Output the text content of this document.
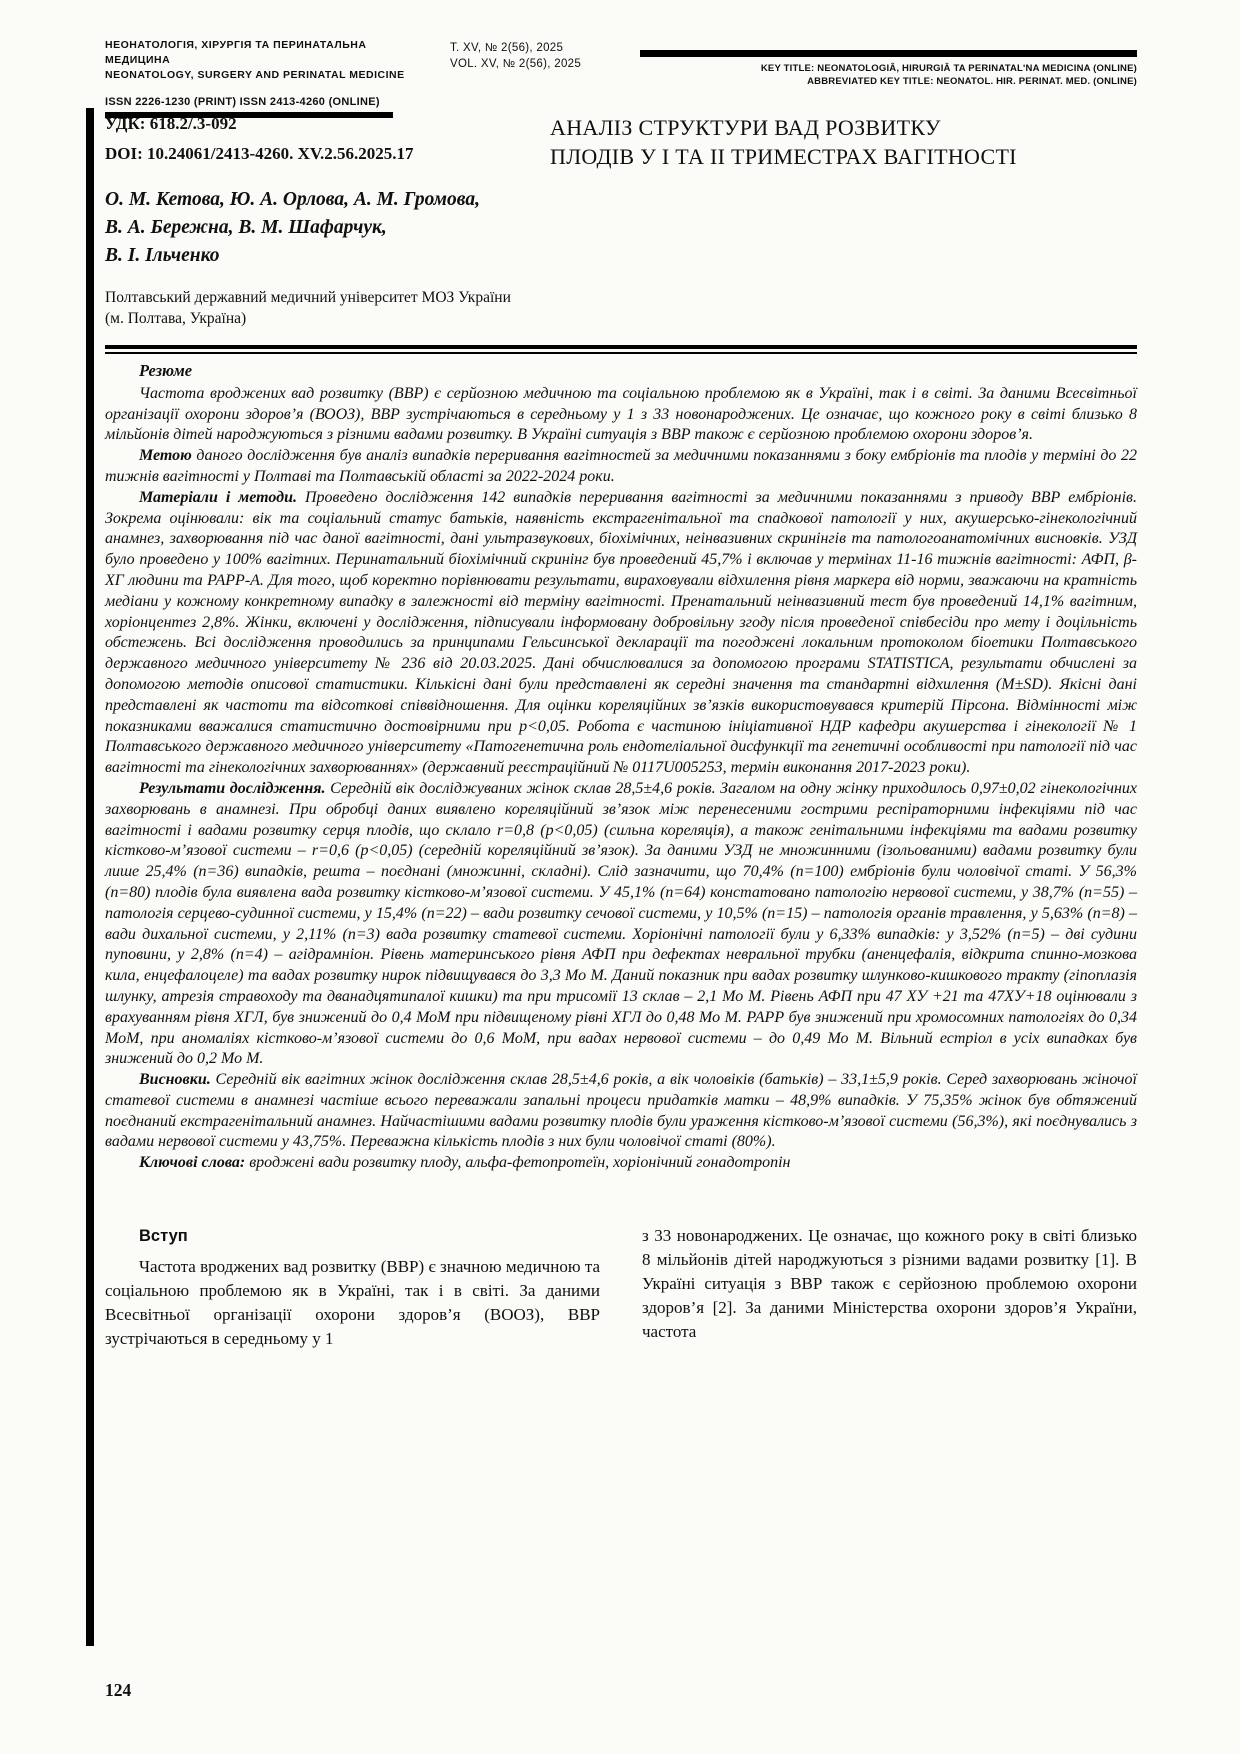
НЕОНАТОЛОГІЯ, ХІРУРГІЯ ТА ПЕРИНАТАЛЬНА МЕДИЦИНА
NEONATOLOGY, SURGERY AND PERINATAL MEDICINE
ISSN 2226-1230 (PRINT) ISSN 2413-4260 (ONLINE)
Т. XV, № 2(56), 2025
VOL. XV, № 2(56), 2025	KEY TITLE: NEONATOLOGIÂ, HIRURGIÂ TA PERINATALʹNA MEDICINA (ONLINE)
ABBREVIATED KEY TITLE: NEONATOL. HIR. PERINAT. MED. (ONLINE)
УДК: 618.2/.3-092
DOI: 10.24061/2413-4260. XV.2.56.2025.17
О. М. Кетова, Ю. А. Орлова, А. М. Громова,
В. А. Бережна, В. М. Шафарчук,
В. І. Ільченко
Полтавський державний медичний університет МОЗ України
(м. Полтава, Україна)
АНАЛІЗ СТРУКТУРИ ВАД РОЗВИТКУ ПЛОДІВ У І ТА ІІ ТРИМЕСТРАХ ВАГІТНОСТІ

Резюме

Частота вроджених вад розвитку (ВВР) є серйозною медичною та соціальною проблемою як в Україні, так і в світі. За даними Всесвітньої організації охорони здоров’я (ВООЗ), ВВР зустрічаються в середньому у 1 з 33 новонароджених. Це означає, що кожного року в світі близько 8 мільйонів дітей народжуються з різними вадами розвитку. В Україні ситуація з ВВР також є серйозною проблемою охорони здоров’я.

Метою даного дослідження був аналіз випадків переривання вагітностей за медичними показаннями з боку ембріонів та плодів у терміні до 22 тижнів вагітності у Полтаві та Полтавській області за 2022-2024 роки.

Матеріали і методи. Проведено дослідження 142 випадків переривання вагітності за медичними показаннями з приводу ВВР ембріонів. Зокрема оцінювали: вік та соціальний статус батьків, наявність екстрагенітальної та спадкової патології у них, акушерсько-гінекологічний анамнез, захворювання під час даної вагітності, дані ультразвукових, біохімічних, неінвазивних скринінгів та патологоанатомічних висновків. УЗД було проведено у 100% вагітних. Перинатальний біохімічний скринінг був проведений 45,7% і включав у термінах 11-16 тижнів вагітності: АФП, β-ХГ людини та РАРР-А. Для того, щоб коректно порівнювати результати, вираховували відхилення рівня маркера від норми, зважаючи на кратність медіани у кожному конкретному випадку в залежності від терміну вагітності. Пренатальний неінвазивний тест був проведений 14,1% вагітним, хоріонцентез 2,8%. Жінки, включені у дослідження, підписували інформовану добровільну згоду після проведеної співбесіди про мету і доцільність обстежень. Всі дослідження проводились за принципами Гельсинської декларації та погоджені локальним протоколом біоетики Полтавського державного медичного університету № 236 від 20.03.2025. Дані обчислювалися за допомогою програми STATISTICA, результати обчислені за допомогою методів описової статистики. Кількісні дані були представлені як середні значення та стандартні відхилення (M±SD). Якісні дані представлені як частоти та відсоткові співвідношення. Для оцінки кореляційних зв’язків використовувався критерій Пірсона. Відмінності між показниками вважалися статистично достовірними при p<0,05. Робота є частиною ініціативної НДР кафедри акушерства і гінекології № 1 Полтавського державного медичного університету «Патогенетична роль ендотеліальної дисфункції та генетичні особливості при патології під час вагітності та гінекологічних захворюваннях» (державний реєстраційний № 0117U005253, термін виконання 2017-2023 роки).

Результати дослідження. Середній вік досліджуваних жінок склав 28,5±4,6 років. Загалом на одну жінку приходилось 0,97±0,02 гінекологічних захворювань в анамнезі. При обробці даних виявлено кореляційний зв’язок між перенесеними гострими респіраторними інфекціями під час вагітності і вадами розвитку серця плодів, що склало r=0,8 (p<0,05) (сильна кореляція), а також генітальними інфекціями та вадами розвитку кістково-м’язової системи – r=0,6 (p<0,05) (середній кореляційний зв’язок). За даними УЗД не множинними (ізольованими) вадами розвитку були лише 25,4% (n=36) випадків, решта – поєднані (множинні, складні). Слід зазначити, що 70,4% (n=100) ембріонів були чоловічої статі. У 56,3% (n=80) плодів була виявлена вада розвитку кістково-м’язової системи. У 45,1% (n=64) констатовано патологію нервової системи, у 38,7% (n=55) – патологія серцево-судинної системи, у 15,4% (n=22) – вади розвитку сечової системи, у 10,5% (n=15) – патологія органів травлення, у 5,63% (n=8) – вади дихальної системи, у 2,11% (n=3) вада розвитку статевої системи. Хоріонічні патології були у 6,33% випадків: у 3,52% (n=5) – дві судини пуповини, у 2,8% (n=4) – агідрамніон. Рівень материнського рівня АФП при дефектах невральної трубки (аненцефалія, відкрита спинно-мозкова кила, енцефалоцеле) та вадах розвитку нирок підвищувався до 3,3 Мо М. Даний показник при вадах розвитку шлунково-кишкового тракту (гіпоплазія шлунку, атрезія стравоходу та дванадцятипалої кишки) та при трисомії 13 склав – 2,1 Мо М. Рівень АФП при 47 ХУ +21 та 47ХУ+18 оцінювали з врахуванням рівня ХГЛ, був знижений до 0,4 МоМ при підвищеному рівні ХГЛ до 0,48 Мо М. РАРР був знижений при хромосомних патологіях до 0,34 МоМ, при аномаліях кістково-м’язової системи до 0,6 МоМ, при вадах нервової системи – до 0,49 Мо М. Вільний естріол в усіх випадках був знижений до 0,2 Мо М.

Висновки. Середній вік вагітних жінок дослідження склав 28,5±4,6 років, а вік чоловіків (батьків) – 33,1±5,9 років. Серед захворювань жіночої статевої системи в анамнезі частіше всього переважали запальні процеси придатків матки – 48,9% випадків. У 75,35% жінок був обтяжений поєднаний екстрагенітальний анамнез. Найчастішими вадами розвитку плодів були ураження кістково-м’язової системи (56,3%), які поєднувались з вадами нервової системи у 43,75%. Переважна кількість плодів з них були чоловічої статі (80%).

Ключові слова: вроджені вади розвитку плоду, альфа-фетопротеїн, хоріонічний гонадотропін

Вступ

Частота вроджених вад розвитку (ВВР) є значною медичною та соціальною проблемою як в Україні, так і в світі. За даними Всесвітньої організації охорони здоров’я (ВООЗ), ВВР зустрічаються в середньому у 1

з 33 новонароджених. Це означає, що кожного року в світі близько 8 мільйонів дітей народжуються з різними вадами розвитку [1]. В Україні ситуація з ВВР також є серйозною проблемою охорони здоров’я [2]. За даними Міністерства охорони здоров’я України, частота

124
